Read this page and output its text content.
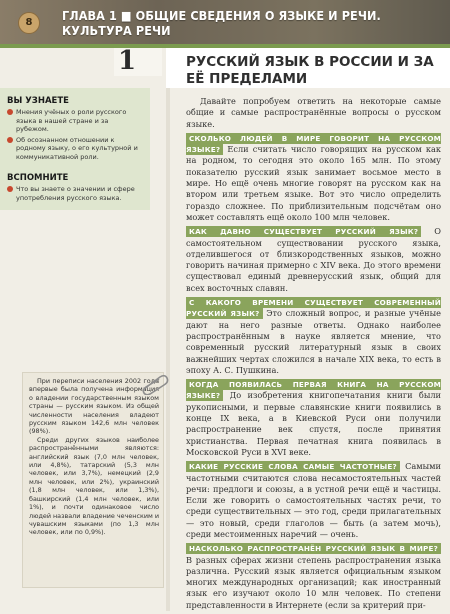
8	ГЛАВА 1 ■ ОБЩИЕ СВЕДЕНИЯ О ЯЗЫКЕ И РЕЧИ. КУЛЬТУРА РЕЧИ
1	РУССКИЙ ЯЗЫК В РОССИИ И ЗА ЕЁ ПРЕДЕЛАМИ

ВЫ УЗНАЕТЕ

Мнения учёных о роли русского языка в нашей стране и за рубежом.
Об осознанном отношении к родному языку, о его культурной и коммуникативной роли.

ВСПОМНИТЕ

Что вы знаете о значении и сфере употребления русского языка.

Давайте попробуем ответить на некоторые самые общие и самые распространённые вопросы о русском языке.

СКОЛЬКО ЛЮДЕЙ В МИРЕ ГОВОРИТ НА РУССКОМ ЯЗЫКЕ? Если считать число говорящих на русском как на родном, то сегодня это около 165 млн. По этому показателю русский язык занимает восьмое место в мире. Но ещё очень многие говорят на русском как на втором или третьем языке. Вот это число определить гораздо сложнее. По приблизительным подсчётам оно может составлять ещё около 100 млн человек.

КАК ДАВНО СУЩЕСТВУЕТ РУССКИЙ ЯЗЫК? О самостоятельном существовании русского языка, отделившегося от близкородственных языков, можно говорить начиная примерно с XIV века. До этого времени существовал единый древнерусский язык, общий для всех восточных славян.

С КАКОГО ВРЕМЕНИ СУЩЕСТВУЕТ СОВРЕМЕННЫЙ РУССКИЙ ЯЗЫК? Это сложный вопрос, и разные учёные дают на него разные ответы. Однако наиболее распространённым в науке является мнение, что современный русский литературный язык в своих важнейших чертах сложился в начале XIX века, то есть в эпоху А. С. Пушкина.

КОГДА ПОЯВИЛАСЬ ПЕРВАЯ КНИГА НА РУССКОМ ЯЗЫКЕ? До изобретения книгопечатания книги были рукописными, и первые славянские книги появились в конце IX века, а в Киевской Руси они получили распространение век спустя, после принятия христианства. Первая печатная книга появилась в Московской Руси в XVI веке.

КАКИЕ РУССКИЕ СЛОВА САМЫЕ ЧАСТОТНЫЕ? Самыми частотными считаются слова несамостоятельных частей речи: предлоги и союзы, а в устной речи ещё и частицы. Если же говорить о самостоятельных частях речи, то среди существительных — это год, среди прилагательных — это новый, среди глаголов — быть (а затем мочь), среди местоименных наречий — очень.

НАСКОЛЬКО РАСПРОСТРАНЁН РУССКИЙ ЯЗЫК В МИРЕ? В разных сферах жизни степень распространения языка различна. Русский язык является официальным языком многих международных организаций; как иностранный язык его изучают около 10 млн человек. По степени представленности в Интернете (если за критерий при-

При переписи населения 2002 года впервые была получена информация о владении государственным языком страны — русским языком. Из общей численности населения владеют русским языком 142,6 млн человек (98%).
Среди других языков наиболее распространёнными являются: английский язык (7,0 млн человек, или 4,8%), татарский (5,3 млн человек, или 3,7%), немецкий (2,9 млн человек, или 2%), украинский (1,8 млн человек, или 1,3%), башкирский (1,4 млн человек, или 1%), и почти одинаковое число людей назвали владение чеченским и чувашским языками (по 1,3 млн человек, или по 0,9%).
